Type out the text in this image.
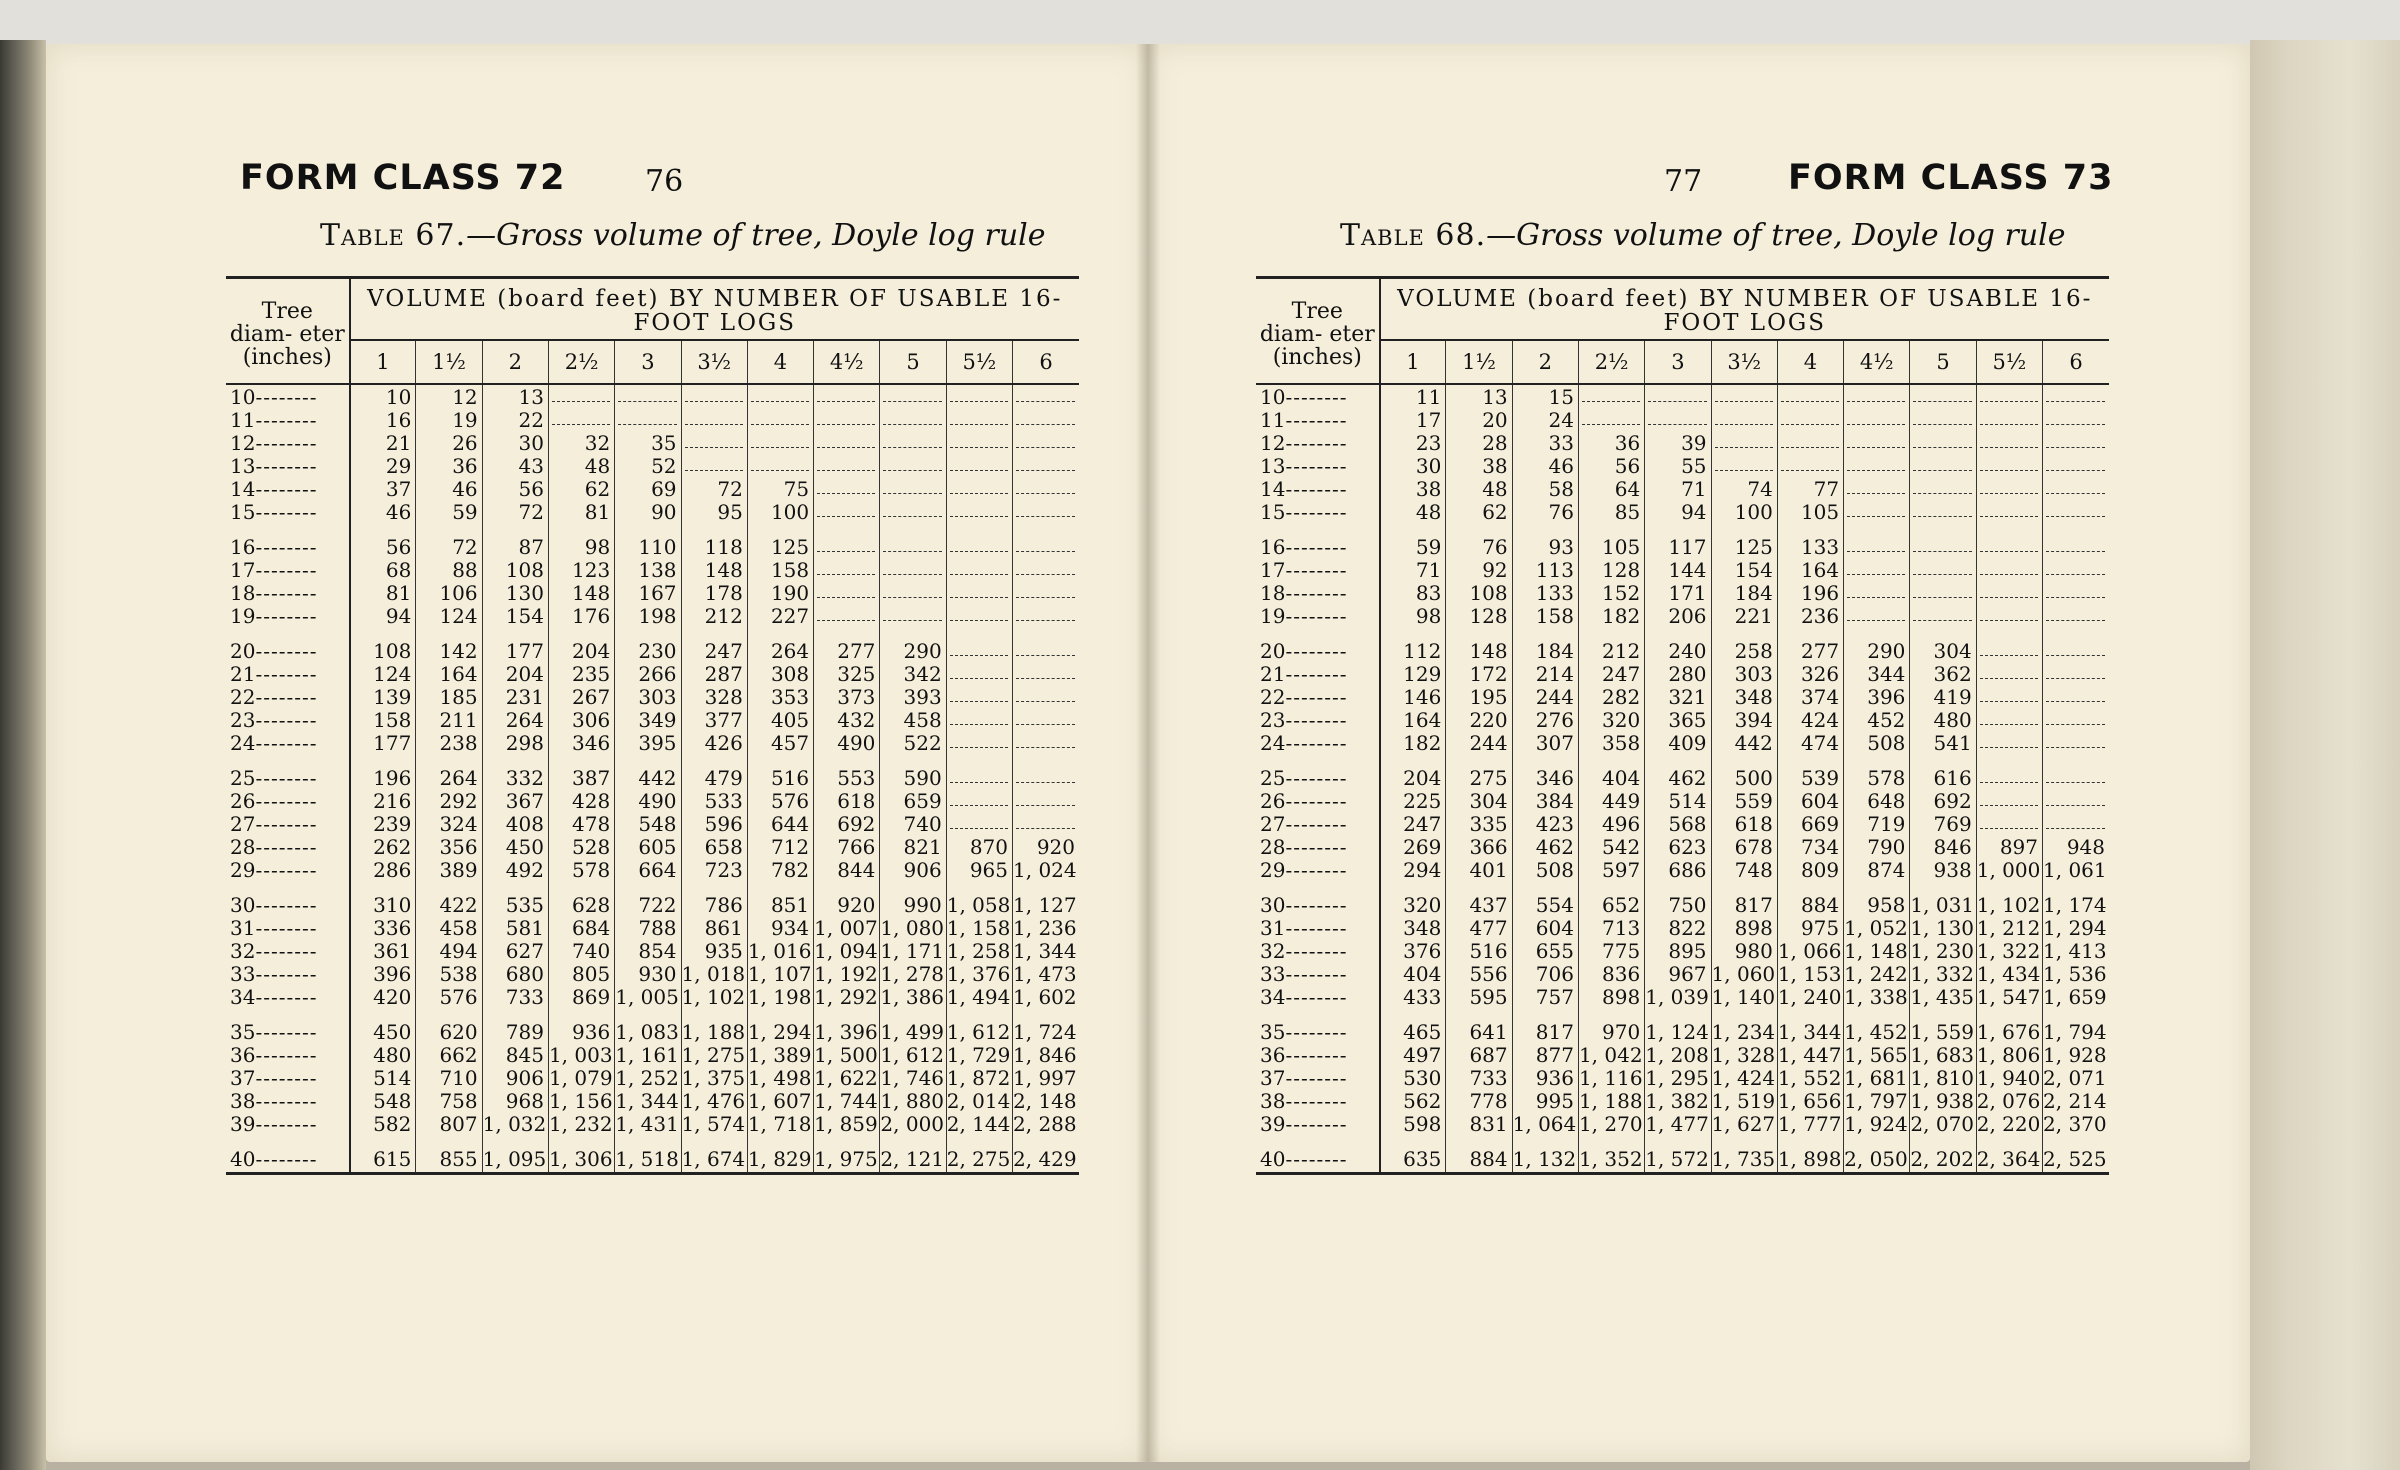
FORM CLASS 72	76
Table 67.—Gross volume of tree, Doyle log rule
77 FORM CLASS 73
Table 68.—Gross volume of tree, Doyle log rule
Tree diam- eter (inches)	VOLUME (board feet) BY NUMBER OF USABLE 16-FOOT LOGS										
	1	1½	2	2½	3	3½	4	4½	5	5½	6
10--------	10	12	13	

11--------	16	19	22	

12--------	21	26	30	32	35	

13--------	29	36	43	48	52	

14--------	37	46	56	62	69	72	75	

15--------	46	59	72	81	90	95	100	

16--------	56	72	87	98	110	118	125	

17--------	68	88	108	123	138	148	158	

18--------	81	106	130	148	167	178	190	

19--------	94	124	154	176	198	212	227	

20--------	108	142	177	204	230	247	264	277	290	

21--------	124	164	204	235	266	287	308	325	342	

22--------	139	185	231	267	303	328	353	373	393	

23--------	158	211	264	306	349	377	405	432	458	

24--------	177	238	298	346	395	426	457	490	522	

25--------	196	264	332	387	442	479	516	553	590	

26--------	216	292	367	428	490	533	576	618	659	

27--------	239	324	408	478	548	596	644	692	740	

28--------	262	356	450	528	605	658	712	766	821	870	920
29--------	286	389	492	578	664	723	782	844	906	965	1, 024

30--------	310	422	535	628	722	786	851	920	990	1, 058	1, 127
31--------	336	458	581	684	788	861	934	1, 007	1, 080	1, 158	1, 236
32--------	361	494	627	740	854	935	1, 016	1, 094	1, 171	1, 258	1, 344
33--------	396	538	680	805	930	1, 018	1, 107	1, 192	1, 278	1, 376	1, 473
34--------	420	576	733	869	1, 005	1, 102	1, 198	1, 292	1, 386	1, 494	1, 602

35--------	450	620	789	936	1, 083	1, 188	1, 294	1, 396	1, 499	1, 612	1, 724
36--------	480	662	845	1, 003	1, 161	1, 275	1, 389	1, 500	1, 612	1, 729	1, 846
37--------	514	710	906	1, 079	1, 252	1, 375	1, 498	1, 622	1, 746	1, 872	1, 997
38--------	548	758	968	1, 156	1, 344	1, 476	1, 607	1, 744	1, 880	2, 014	2, 148
39--------	582	807	1, 032	1, 232	1, 431	1, 574	1, 718	1, 859	2, 000	2, 144	2, 288

40--------	615	855	1, 095	1, 306	1, 518	1, 674	1, 829	1, 975	2, 121	2, 275	2, 429
Tree diam- eter (inches)	VOLUME (board feet) BY NUMBER OF USABLE 16-FOOT LOGS										
	1	1½	2	2½	3	3½	4	4½	5	5½	6
10--------	11	13	15	

11--------	17	20	24	

12--------	23	28	33	36	39	

13--------	30	38	46	56	55	

14--------	38	48	58	64	71	74	77	

15--------	48	62	76	85	94	100	105	

16--------	59	76	93	105	117	125	133	

17--------	71	92	113	128	144	154	164	

18--------	83	108	133	152	171	184	196	

19--------	98	128	158	182	206	221	236	

20--------	112	148	184	212	240	258	277	290	304	

21--------	129	172	214	247	280	303	326	344	362	

22--------	146	195	244	282	321	348	374	396	419	

23--------	164	220	276	320	365	394	424	452	480	

24--------	182	244	307	358	409	442	474	508	541	

25--------	204	275	346	404	462	500	539	578	616	

26--------	225	304	384	449	514	559	604	648	692	

27--------	247	335	423	496	568	618	669	719	769	

28--------	269	366	462	542	623	678	734	790	846	897	948
29--------	294	401	508	597	686	748	809	874	938	1, 000	1, 061

30--------	320	437	554	652	750	817	884	958	1, 031	1, 102	1, 174
31--------	348	477	604	713	822	898	975	1, 052	1, 130	1, 212	1, 294
32--------	376	516	655	775	895	980	1, 066	1, 148	1, 230	1, 322	1, 413
33--------	404	556	706	836	967	1, 060	1, 153	1, 242	1, 332	1, 434	1, 536
34--------	433	595	757	898	1, 039	1, 140	1, 240	1, 338	1, 435	1, 547	1, 659

35--------	465	641	817	970	1, 124	1, 234	1, 344	1, 452	1, 559	1, 676	1, 794
36--------	497	687	877	1, 042	1, 208	1, 328	1, 447	1, 565	1, 683	1, 806	1, 928
37--------	530	733	936	1, 116	1, 295	1, 424	1, 552	1, 681	1, 810	1, 940	2, 071
38--------	562	778	995	1, 188	1, 382	1, 519	1, 656	1, 797	1, 938	2, 076	2, 214
39--------	598	831	1, 064	1, 270	1, 477	1, 627	1, 777	1, 924	2, 070	2, 220	2, 370

40--------	635	884	1, 132	1, 352	1, 572	1, 735	1, 898	2, 050	2, 202	2, 364	2, 525
